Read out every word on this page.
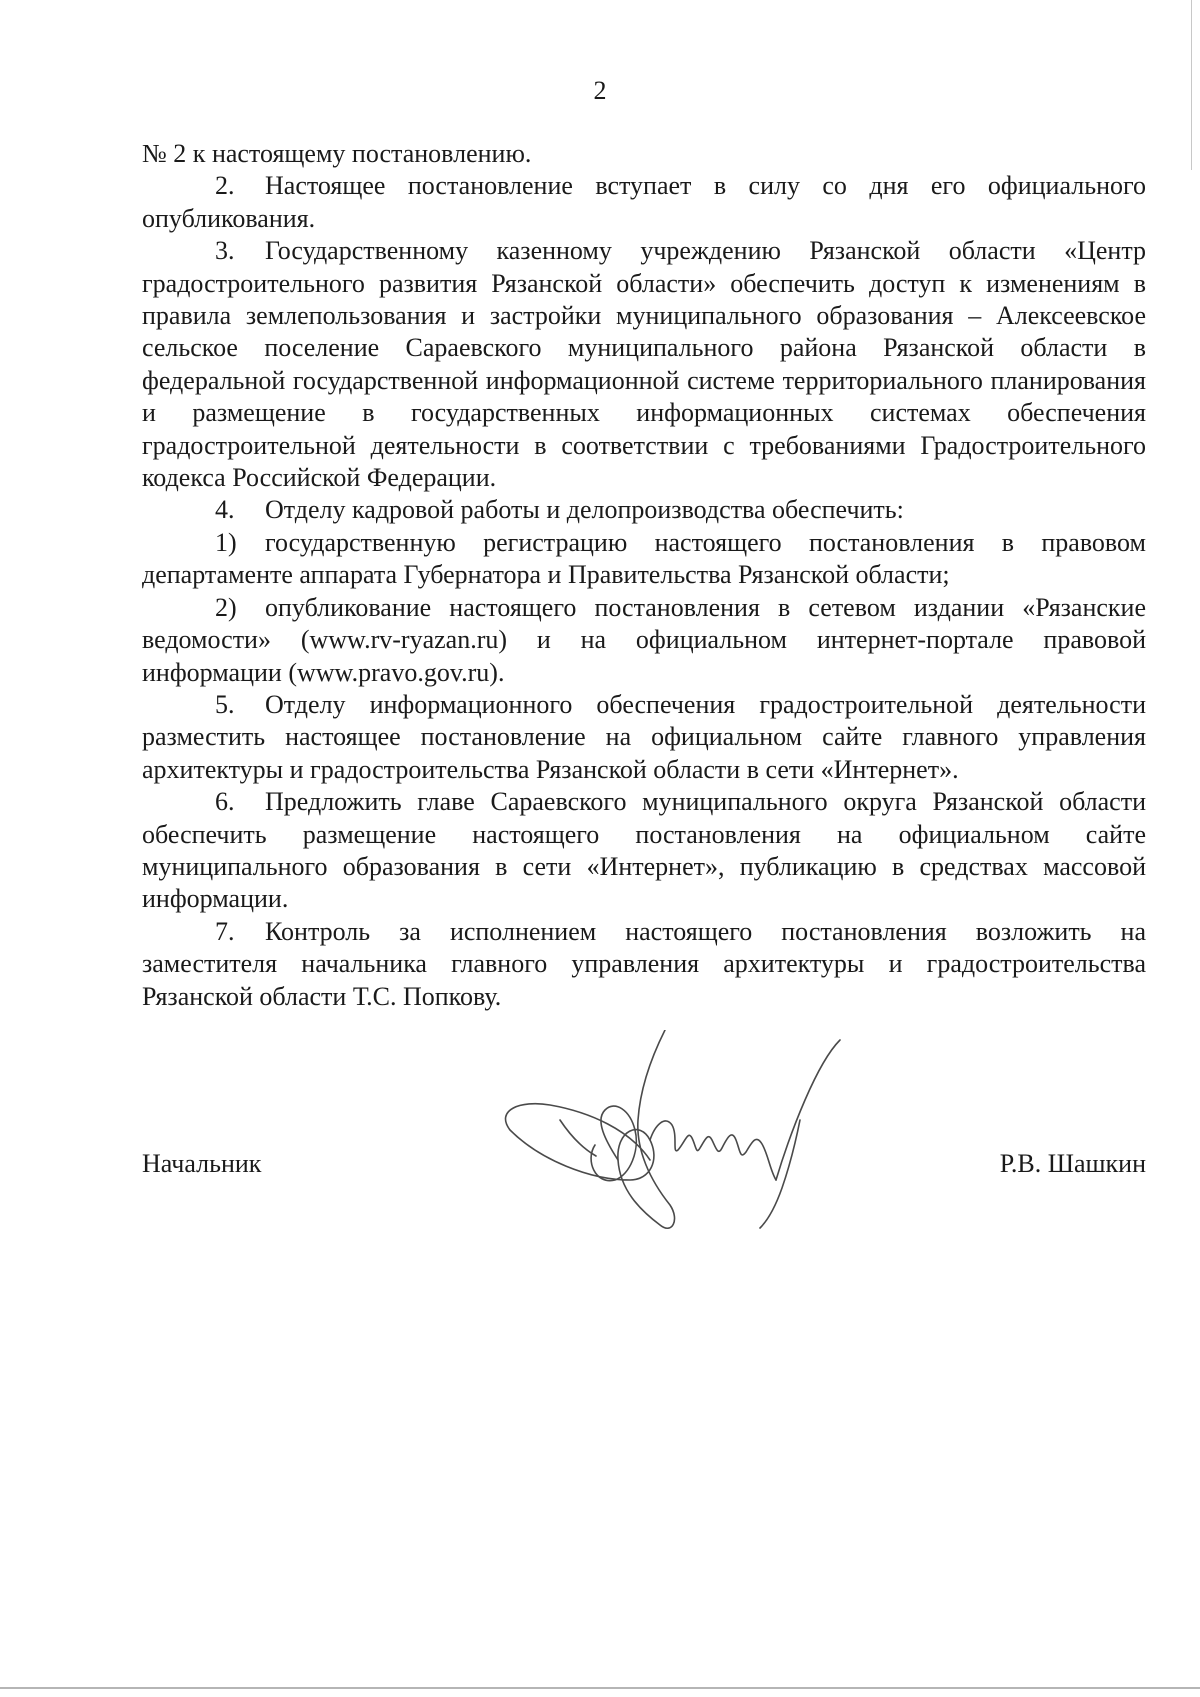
2

№ 2 к настоящему постановлению.

2. Настоящее постановление вступает в силу со дня его официального опубликования.

3. Государственному казенному учреждению Рязанской области «Центр градостроительного развития Рязанской области» обеспечить доступ к изменениям в правила землепользования и застройки муниципального образования – Алексеевское сельское поселение Сараевского муниципального района Рязанской области в федеральной государственной информационной системе территориального планирования и размещение в государственных информационных системах обеспечения градостроительной деятельности в соответствии с требованиями Градостроительного кодекса Российской Федерации.

4. Отделу кадровой работы и делопроизводства обеспечить:

1) государственную регистрацию настоящего постановления в правовом департаменте аппарата Губернатора и Правительства Рязанской области;

2) опубликование настоящего постановления в сетевом издании «Рязанские ведомости» (www.rv-ryazan.ru) и на официальном интернет-портале правовой информации (www.pravo.gov.ru).

5. Отделу информационного обеспечения градостроительной деятельности разместить настоящее постановление на официальном сайте главного управления архитектуры и градостроительства Рязанской области в сети «Интернет».

6. Предложить главе Сараевского муниципального округа Рязанской области обеспечить размещение настоящего постановления на официальном сайте муниципального образования в сети «Интернет», публикацию в средствах массовой информации.

7. Контроль за исполнением настоящего постановления возложить на заместителя начальника главного управления архитектуры и градостроительства Рязанской области Т.С. Попкову.

Начальник	Р.В. Шашкин
